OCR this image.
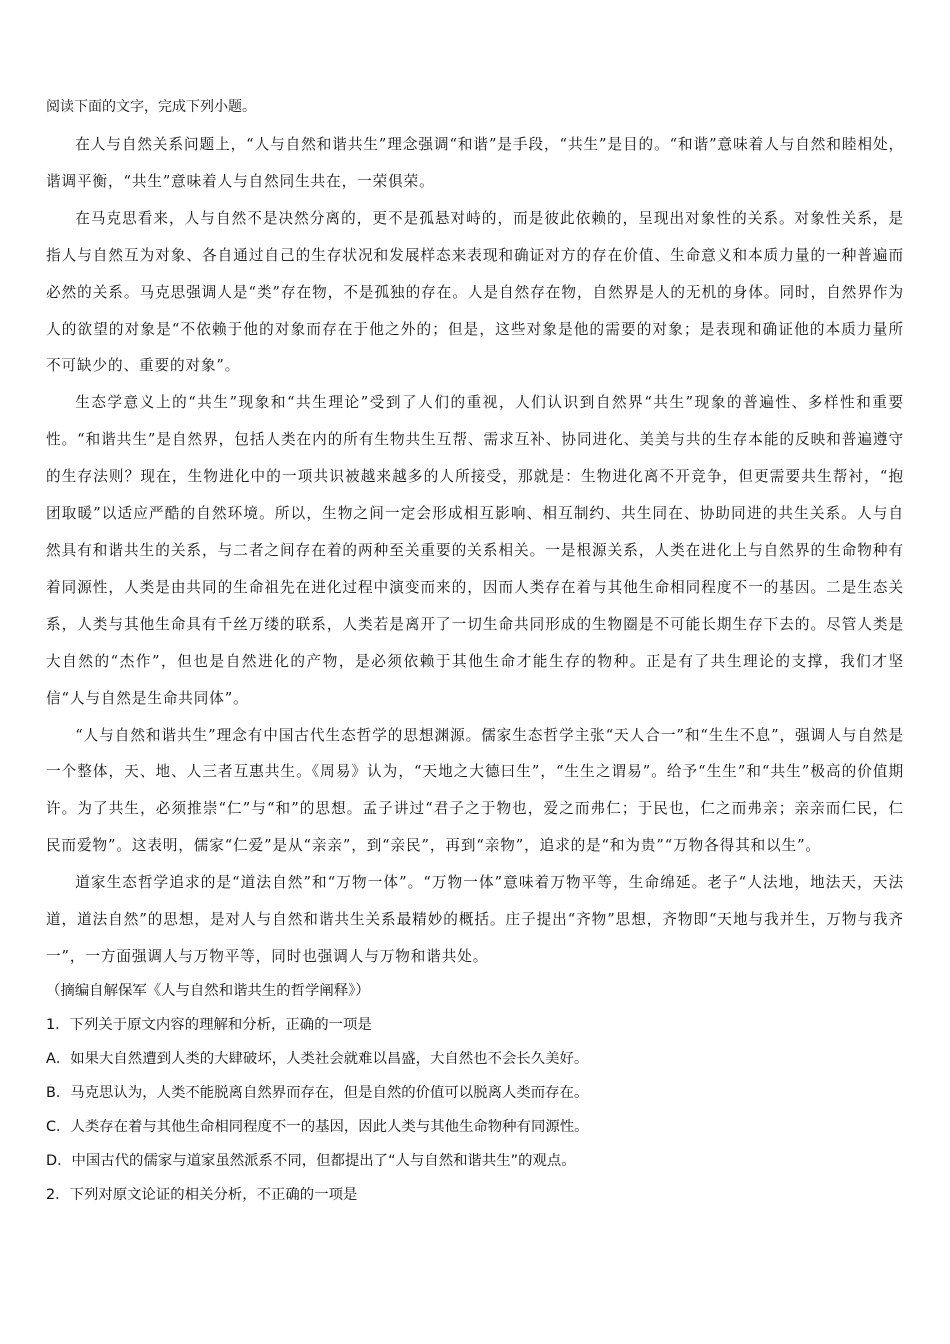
阅读下面的文字，完成下列小题。

在人与自然关系问题上，“人与自然和谐共生”理念强调“和谐”是手段，“共生”是目的。“和谐”意味着人与自然和睦相处，谐调平衡，“共生”意味着人与自然同生共在，一荣俱荣。

在马克思看来，人与自然不是决然分离的，更不是孤悬对峙的，而是彼此依赖的，呈现出对象性的关系。对象性关系，是指人与自然互为对象、各自通过自己的生存状况和发展样态来表现和确证对方的存在价值、生命意义和本质力量的一种普遍而必然的关系。马克思强调人是“类”存在物，不是孤独的存在。人是自然存在物，自然界是人的无机的身体。同时，自然界作为人的欲望的对象是“不依赖于他的对象而存在于他之外的；但是，这些对象是他的需要的对象；是表现和确证他的本质力量所不可缺少的、重要的对象”。

生态学意义上的“共生”现象和“共生理论”受到了人们的重视，人们认识到自然界“共生”现象的普遍性、多样性和重要性。“和谐共生”是自然界，包括人类在内的所有生物共生互帮、需求互补、协同进化、美美与共的生存本能的反映和普遍遵守的生存法则？现在，生物进化中的一项共识被越来越多的人所接受，那就是：生物进化离不开竞争，但更需要共生帮衬，“抱团取暖”以适应严酷的自然环境。所以，生物之间一定会形成相互影响、相互制约、共生同在、协助同进的共生关系。人与自然具有和谐共生的关系，与二者之间存在着的两种至关重要的关系相关。一是根源关系，人类在进化上与自然界的生命物种有着同源性，人类是由共同的生命祖先在进化过程中演变而来的，因而人类存在着与其他生命相同程度不一的基因。二是生态关系，人类与其他生命具有千丝万缕的联系，人类若是离开了一切生命共同形成的生物圈是不可能长期生存下去的。尽管人类是大自然的“杰作”，但也是自然进化的产物，是必须依赖于其他生命才能生存的物种。正是有了共生理论的支撑，我们才坚信“人与自然是生命共同体”。

“人与自然和谐共生”理念有中国古代生态哲学的思想渊源。儒家生态哲学主张“天人合一”和“生生不息”，强调人与自然是一个整体，天、地、人三者互惠共生。《周易》认为，“天地之大德曰生”，“生生之谓易”。给予“生生”和“共生”极高的价值期许。为了共生，必须推崇“仁”与“和”的思想。孟子讲过“君子之于物也，爱之而弗仁；于民也，仁之而弗亲；亲亲而仁民，仁民而爱物”。这表明，儒家“仁爱”是从“亲亲”，到“亲民”，再到“亲物”，追求的是“和为贵”“万物各得其和以生”。

道家生态哲学追求的是“道法自然”和“万物一体”。“万物一体”意味着万物平等，生命绵延。老子“人法地，地法天，天法道，道法自然”的思想，是对人与自然和谐共生关系最精妙的概括。庄子提出“齐物”思想，齐物即“天地与我并生，万物与我齐一”，一方面强调人与万物平等，同时也强调人与万物和谐共处。

（摘编自解保军《人与自然和谐共生的哲学阐释》）

1．下列关于原文内容的理解和分析，正确的一项是
A．如果大自然遭到人类的大肆破坏，人类社会就难以昌盛，大自然也不会长久美好。
B．马克思认为，人类不能脱离自然界而存在，但是自然的价值可以脱离人类而存在。
C．人类存在着与其他生命相同程度不一的基因，因此人类与其他生命物种有同源性。
D．中国古代的儒家与道家虽然派系不同，但都提出了“人与自然和谐共生”的观点。
2．下列对原文论证的相关分析，不正确的一项是
